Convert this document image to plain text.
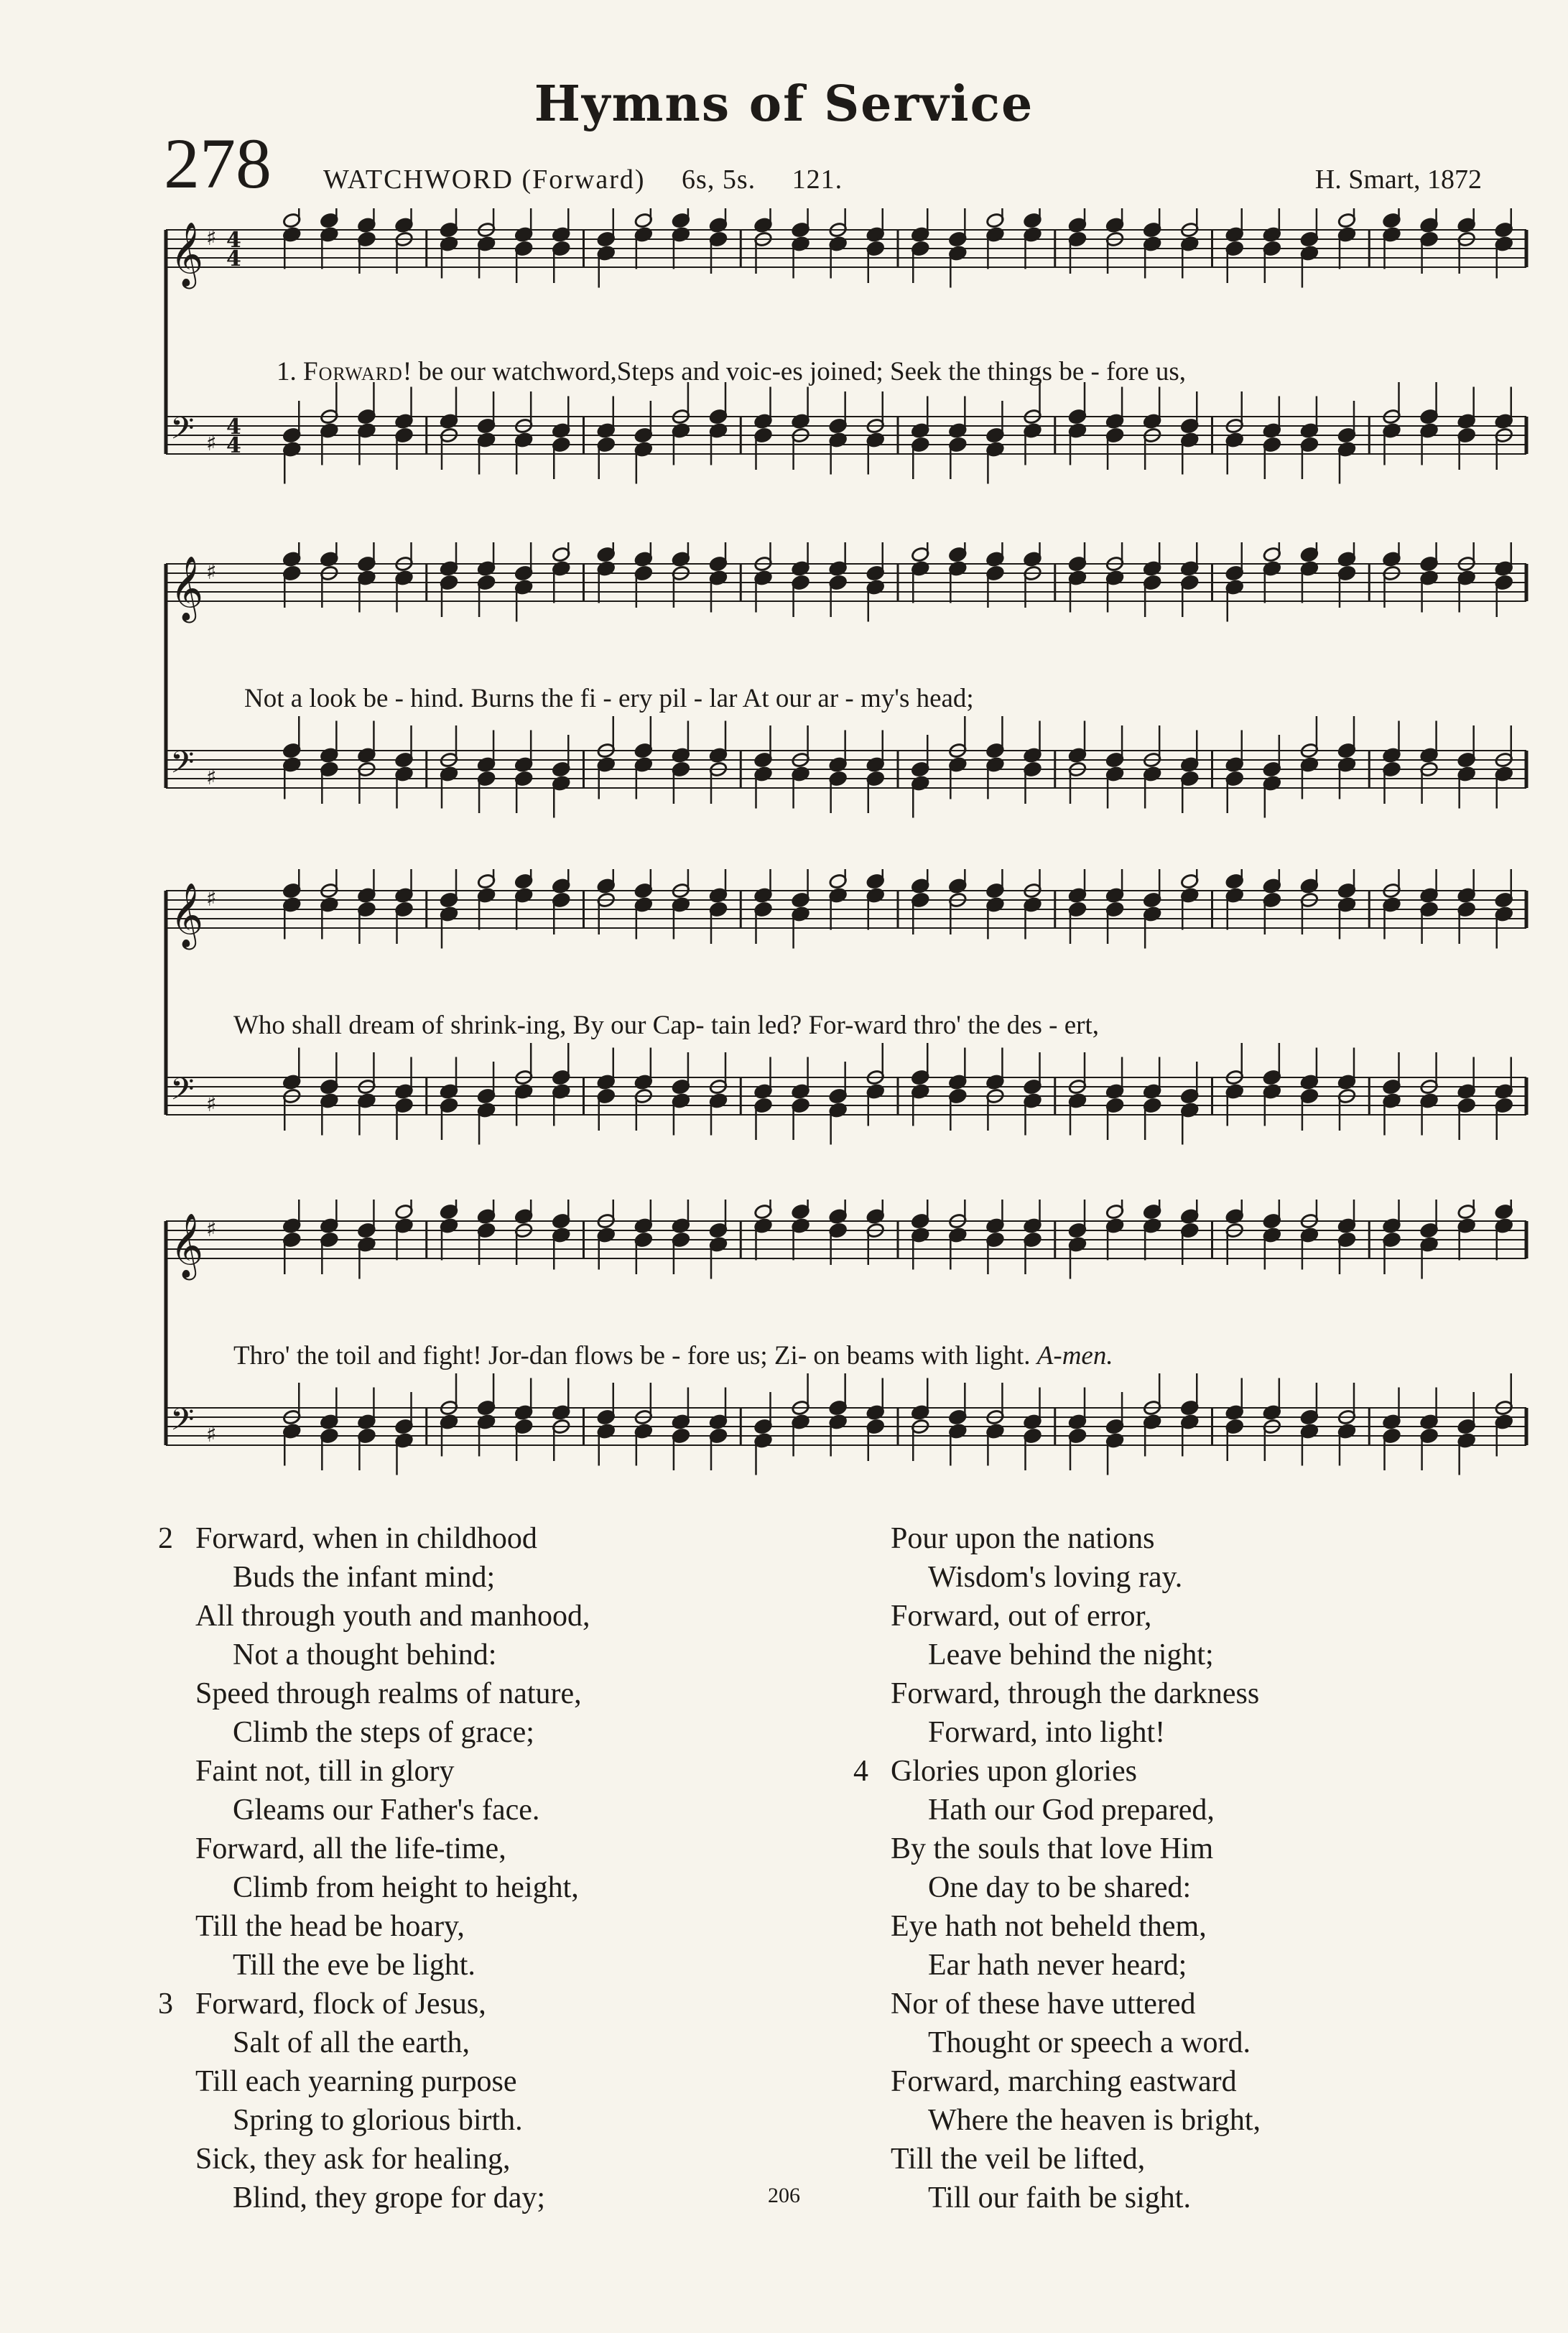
Hymns of Service
278 WATCHWORD (Forward) 6s, 5s. 121.	H. Smart, 1872
𝄞 ♯ 4
4
𝄢 ♯
4
4
1. Forward! be our watchword,Steps and voic-es joined; Seek the things be - fore us,
𝄞 ♯
𝄢 ♯
Not a look be - hind. Burns the fi - ery pil - lar At our ar - my's head;
𝄞 ♯
𝄢 ♯
Who shall dream of shrink-ing, By our Cap- tain led? For-ward thro' the des - ert,
𝄞 ♯
𝄢 ♯
Thro' the toil and fight! Jor-dan flows be - fore us; Zi- on beams with light. A-men.
2 Forward, when in childhood
Buds the infant mind;
All through youth and manhood,
Not a thought behind:
Speed through realms of nature,
Climb the steps of grace;
Faint not, till in glory
Gleams our Father's face.
Forward, all the life-time,
Climb from height to height,
Till the head be hoary,
Till the eve be light.
3 Forward, flock of Jesus,
Salt of all the earth,
Till each yearning purpose
Spring to glorious birth.
Sick, they ask for healing,
Blind, they grope for day;
Pour upon the nations
Wisdom's loving ray.
Forward, out of error,
Leave behind the night;
Forward, through the darkness
Forward, into light!
4 Glories upon glories
Hath our God prepared,
By the souls that love Him
One day to be shared:
Eye hath not beheld them,
Ear hath never heard;
Nor of these have uttered
Thought or speech a word.
Forward, marching eastward
Where the heaven is bright,
Till the veil be lifted,
Till our faith be sight.
206
